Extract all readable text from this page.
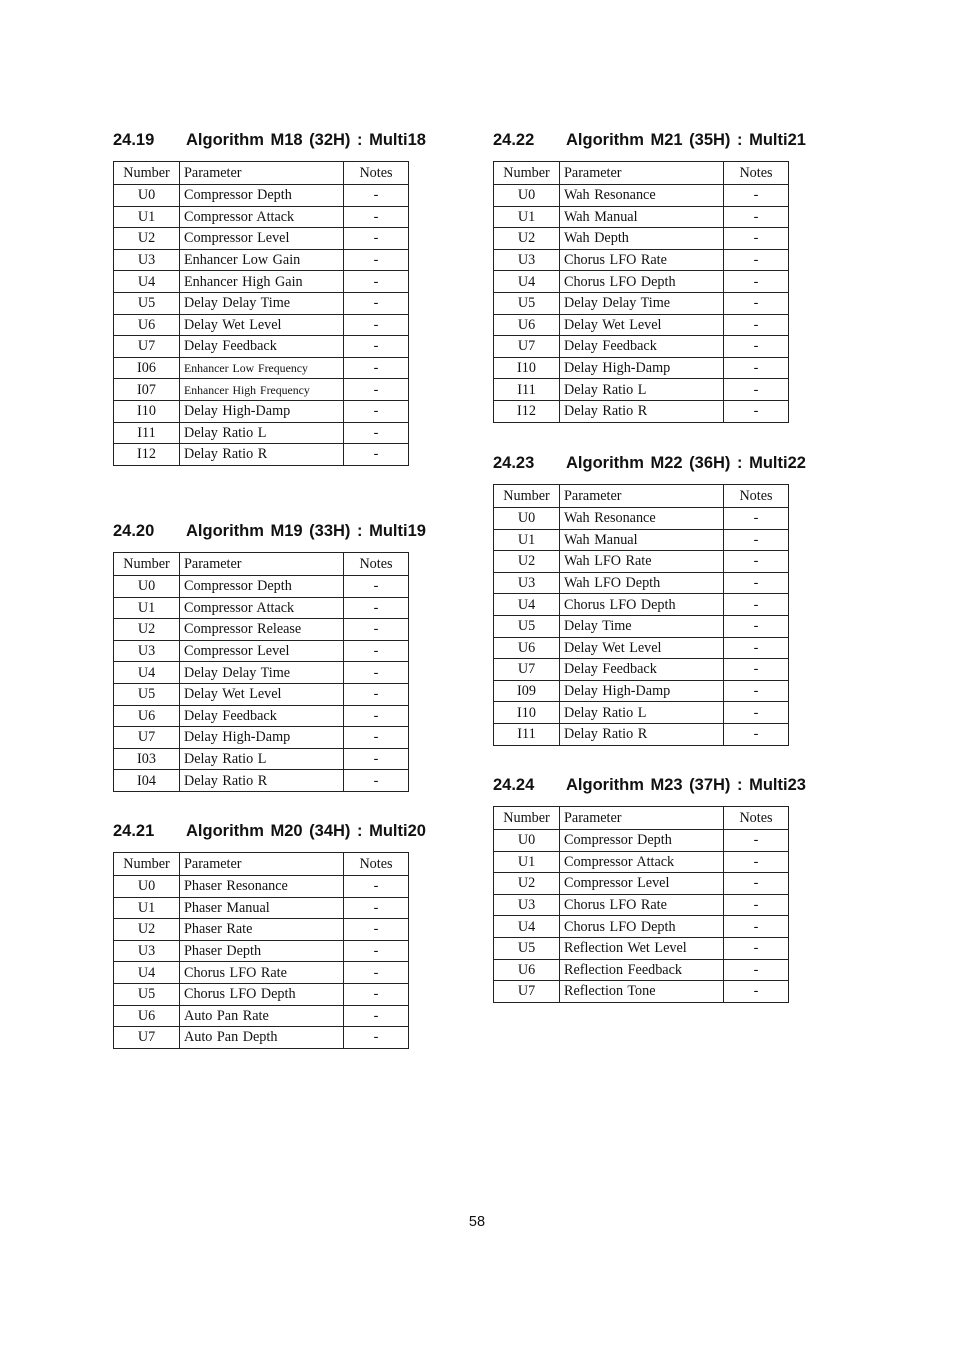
24.19 Algorithm M18 (32H) : Multi18
Number	Parameter	Notes
U0	Compressor Depth	-
U1	Compressor Attack	-
U2	Compressor Level	-
U3	Enhancer Low Gain	-
U4	Enhancer High Gain	-
U5	Delay Delay Time	-
U6	Delay Wet Level	-
U7	Delay Feedback	-
I06	Enhancer Low Frequency	-
I07	Enhancer High Frequency	-
I10	Delay High-Damp	-
I11	Delay Ratio L	-
I12	Delay Ratio R	-
24.20 Algorithm M19 (33H) : Multi19
Number	Parameter	Notes
U0	Compressor Depth	-
U1	Compressor Attack	-
U2	Compressor Release	-
U3	Compressor Level	-
U4	Delay Delay Time	-
U5	Delay Wet Level	-
U6	Delay Feedback	-
U7	Delay High-Damp	-
I03	Delay Ratio L	-
I04	Delay Ratio R	-
24.21 Algorithm M20 (34H) : Multi20
Number	Parameter	Notes
U0	Phaser Resonance	-
U1	Phaser Manual	-
U2	Phaser Rate	-
U3	Phaser Depth	-
U4	Chorus LFO Rate	-
U5	Chorus LFO Depth	-
U6	Auto Pan Rate	-
U7	Auto Pan Depth	-
24.22 Algorithm M21 (35H) : Multi21
Number	Parameter	Notes
U0	Wah Resonance	-
U1	Wah Manual	-
U2	Wah Depth	-
U3	Chorus LFO Rate	-
U4	Chorus LFO Depth	-
U5	Delay Delay Time	-
U6	Delay Wet Level	-
U7	Delay Feedback	-
I10	Delay High-Damp	-
I11	Delay Ratio L	-
I12	Delay Ratio R	-
24.23 Algorithm M22 (36H) : Multi22
Number	Parameter	Notes
U0	Wah Resonance	-
U1	Wah Manual	-
U2	Wah LFO Rate	-
U3	Wah LFO Depth	-
U4	Chorus LFO Depth	-
U5	Delay Time	-
U6	Delay Wet Level	-
U7	Delay Feedback	-
I09	Delay High-Damp	-
I10	Delay Ratio L	-
I11	Delay Ratio R	-
24.24 Algorithm M23 (37H) : Multi23
Number	Parameter	Notes
U0	Compressor Depth	-
U1	Compressor Attack	-
U2	Compressor Level	-
U3	Chorus LFO Rate	-
U4	Chorus LFO Depth	-
U5	Reflection Wet Level	-
U6	Reflection Feedback	-
U7	Reflection Tone	-
58
